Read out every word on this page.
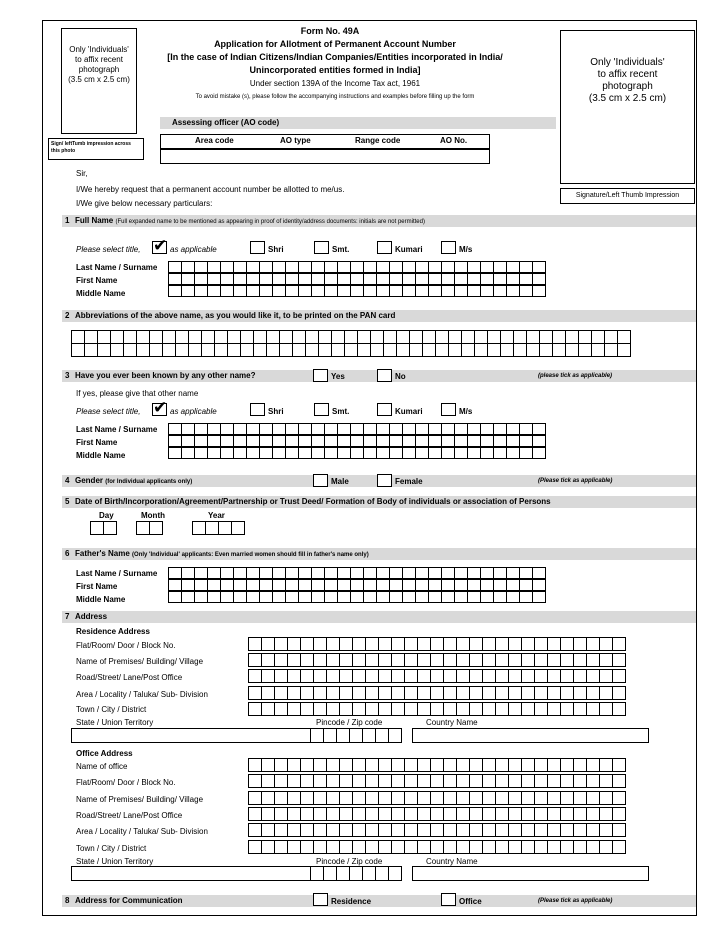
Only 'Individuals'
to affix recent
photograph
(3.5 cm x 2.5 cm)
Sign/ leftTumb impression across this photo
Only 'Individuals'
to affix recent
photograph
(3.5 cm x 2.5 cm)
Signature/Left Thumb Impression
Form No. 49A
Application for Allotment of Permanent Account Number
[In the case of Indian Citizens/Indian Companies/Entities incorporated in India/
Unincorporated entities formed in India]
Under section 139A of the Income Tax act, 1961
To avoid mistake (s), please follow the accompanying instructions and examples before filling up the form
Assessing officer (AO code)
Area code	AO type	Range code	AO No.
Sir,
I/We hereby request that a permanent account number be allotted to me/us.
I/We give below necessary particulars:
1 Full Name (Full expanded name to be mentioned as appearing in proof of identity/address documents: initials are not permitted)
Please select title, ✔ as applicable	Shri	Smt.	Kumari	M/s
Last Name / Surname
First Name
Middle Name
2 Abbreviations of the above name, as you would like it, to be printed on the PAN card
3 Have you ever been known by any other name?	Yes	No	(please tick as applicable)
If yes, please give that other name
Please select title, ✔ as applicable	Shri	Smt.	Kumari	M/s
Last Name / Surname
First Name
Middle Name
4 Gender (for Individual applicants only)	Male	Female	(Please tick as applicable)
5 Date of Birth/Incorporation/Agreement/Partnership or Trust Deed/ Formation of Body of individuals or association of Persons
Day	Month	Year
6 Father's Name (Only 'Individual' applicants: Even married women should fill in father's name only)
Last Name / Surname
First Name
Middle Name
7 Address
Residence Address
Flat/Room/ Door / Block No.
Name of Premises/ Building/ Village
Road/Street/ Lane/Post Office
Area / Locality / Taluka/ Sub- Division
Town / City / District
State / Union Territory	Pincode / Zip code	Country Name
Office Address
Name of office
Flat/Room/ Door / Block No.
Name of Premises/ Building/ Village
Road/Street/ Lane/Post Office
Area / Locality / Taluka/ Sub- Division
Town / City / District
State / Union Territory	Pincode / Zip code	Country Name
8 Address for Communication	Residence	Office	(Please tick as applicable)
